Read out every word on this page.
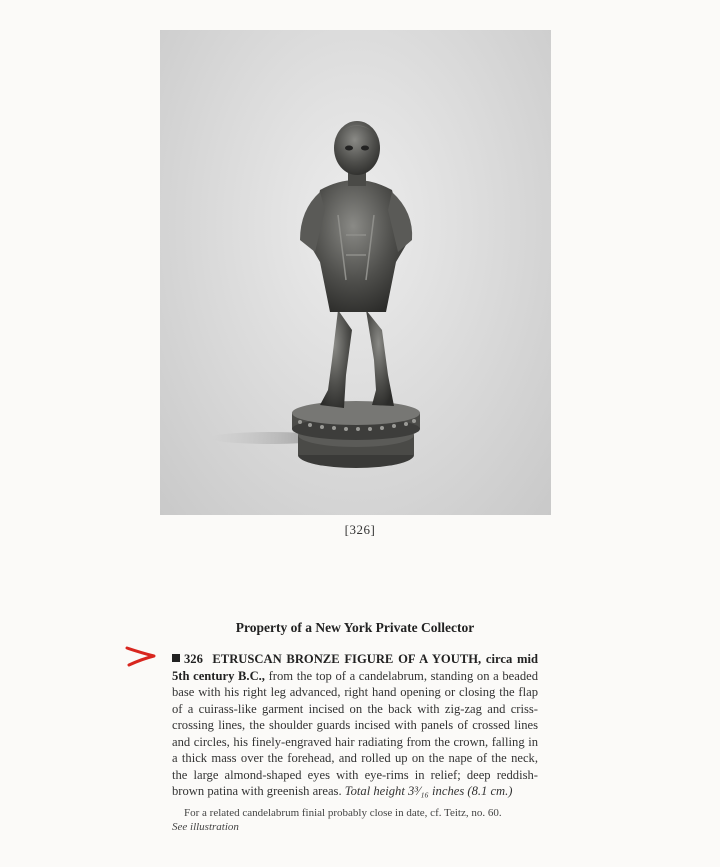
[326]
Property of a New York Private Collector
326 ETRUSCAN BRONZE FIGURE OF A YOUTH, circa mid 5th century B.C., from the top of a candelabrum, standing on a beaded base with his right leg advanced, right hand opening or closing the flap of a cuirass-like garment incised on the back with zig-zag and criss-crossing lines, the shoulder guards incised with panels of crossed lines and circles, his finely-engraved hair radiating from the crown, falling in a thick mass over the forehead, and rolled up on the nape of the neck, the large almond-shaped eyes with eye-rims in relief; deep reddish-brown patina with greenish areas. Total height 3³⁄₁₆ inches (8.1 cm.)
For a related candelabrum finial probably close in date, cf. Teitz, no. 60.
See illustration
